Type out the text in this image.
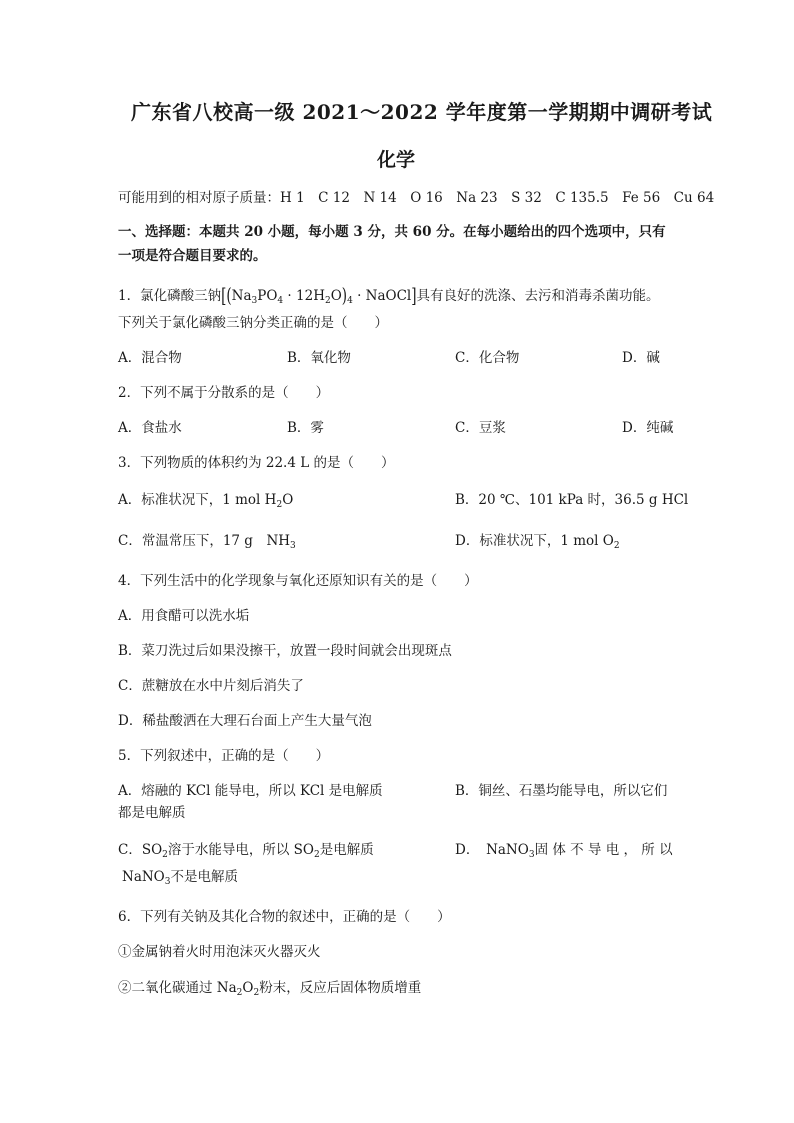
广东省八校高一级 2021～2022 学年度第一学期期中调研考试
化学
可能用到的相对原子质量：H 1　C 12　N 14　O 16　Na 23　S 32　C 135.5　Fe 56　Cu 64
一、选择题：本题共 20 小题，每小题 3 分，共 60 分。在每小题给出的四个选项中，只有
一项是符合题目要求的。
1．氯化磷酸三钠[$(Na_3PO_4 \cdot 12H_2O)_4$ · NaOCl]具有良好的洗涤、去污和消毒杀菌功能。
下列关于氯化磷酸三钠分类正确的是（　　）
A．混合物	B．氧化物	C．化合物	D．碱
2．下列不属于分散系的是（　　）
A．食盐水	B．雾	C．豆浆	D．纯碱
3．下列物质的体积约为 22.4 L 的是（　　）
A．标准状况下，1 mol $H_2O$	B．20 ℃、101 kPa 时，36.5 g HCl
C．常温常压下，17 g　$NH_3$	D．标准状况下，1 mol $O_2$
4．下列生活中的化学现象与氧化还原知识有关的是（　　）
A．用食醋可以洗水垢
B．菜刀洗过后如果没擦干，放置一段时间就会出现斑点
C．蔗糖放在水中片刻后消失了
D．稀盐酸洒在大理石台面上产生大量气泡
5．下列叙述中，正确的是（　　）
A．熔融的 KCl 能导电，所以 KCl 是电解质	B．铜丝、石墨均能导电，所以它们
都是电解质
C．$SO_2$溶于水能导电，所以 $SO_2$是电解质	D．　NaNO$_3$固 体 不 导 电 ， 所 以
NaNO$_3$不是电解质
6．下列有关钠及其化合物的叙述中，正确的是（　　）
①金属钠着火时用泡沫灭火器灭火
②二氧化碳通过 $Na_2O_2$粉末，反应后固体物质增重
